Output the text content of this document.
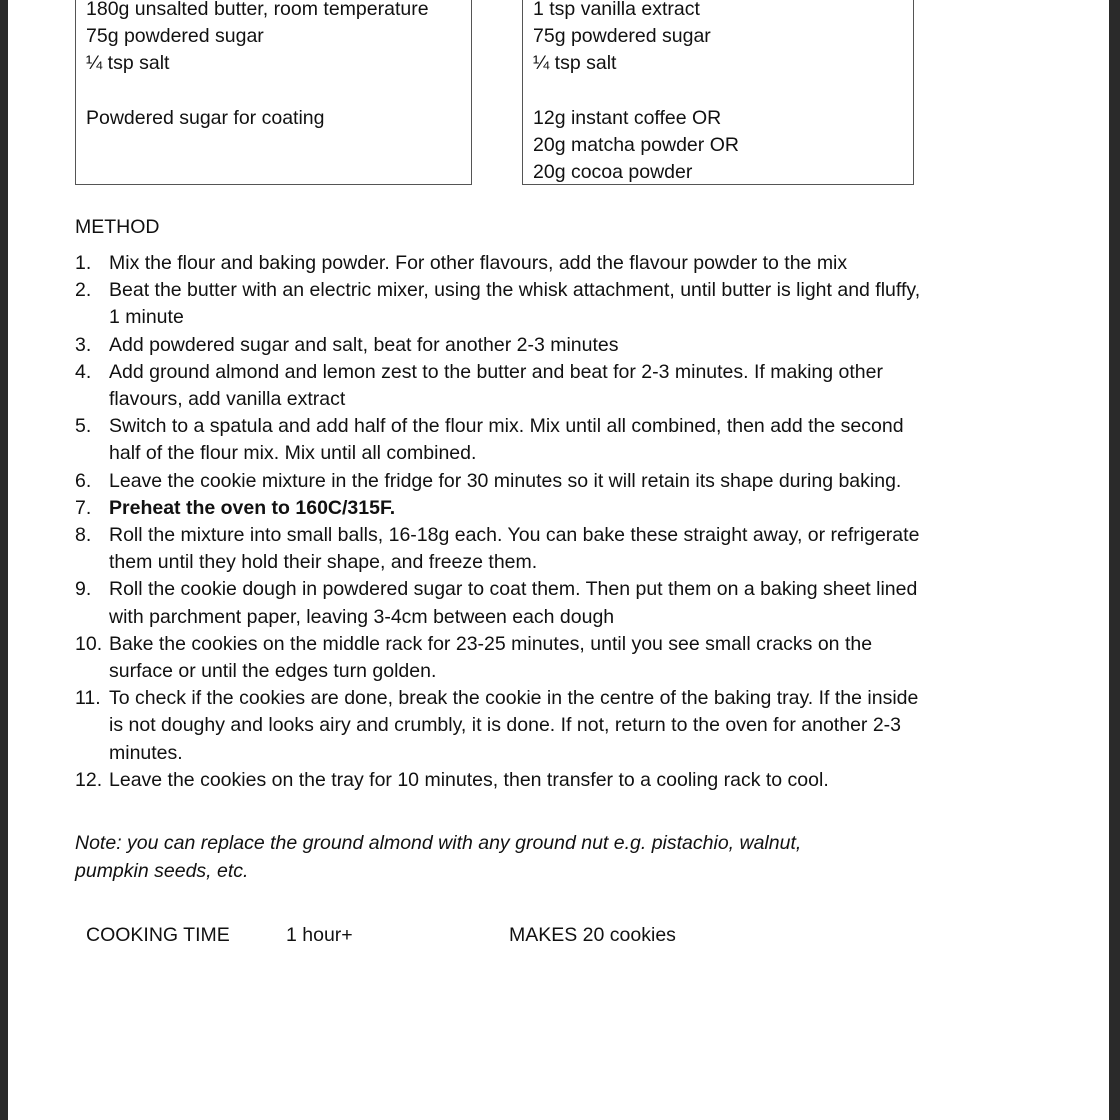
180g unsalted butter, room temperature
75g powdered sugar
¼ tsp salt
Powdered sugar for coating
1 tsp vanilla extract
75g powdered sugar
¼ tsp salt
12g instant coffee OR
20g matcha powder OR
20g cocoa powder
METHOD
1. Mix the flour and baking powder. For other flavours, add the flavour powder to the mix
2. Beat the butter with an electric mixer, using the whisk attachment, until butter is light and fluffy, 1 minute
3. Add powdered sugar and salt, beat for another 2-3 minutes
4. Add ground almond and lemon zest to the butter and beat for 2-3 minutes. If making other flavours, add vanilla extract
5. Switch to a spatula and add half of the flour mix. Mix until all combined, then add the second half of the flour mix. Mix until all combined.
6. Leave the cookie mixture in the fridge for 30 minutes so it will retain its shape during baking.
7. Preheat the oven to 160C/315F.
8. Roll the mixture into small balls, 16-18g each. You can bake these straight away, or refrigerate them until they hold their shape, and freeze them.
9. Roll the cookie dough in powdered sugar to coat them. Then put them on a baking sheet lined with parchment paper, leaving 3-4cm between each dough
10. Bake the cookies on the middle rack for 23-25 minutes, until you see small cracks on the surface or until the edges turn golden.
11. To check if the cookies are done, break the cookie in the centre of the baking tray. If the inside is not doughy and looks airy and crumbly, it is done. If not, return to the oven for another 2-3 minutes.
12. Leave the cookies on the tray for 10 minutes, then transfer to a cooling rack to cool.
Note: you can replace the ground almond with any ground nut e.g. pistachio, walnut, pumpkin seeds, etc.
COOKING TIME	1 hour+	MAKES 20 cookies
